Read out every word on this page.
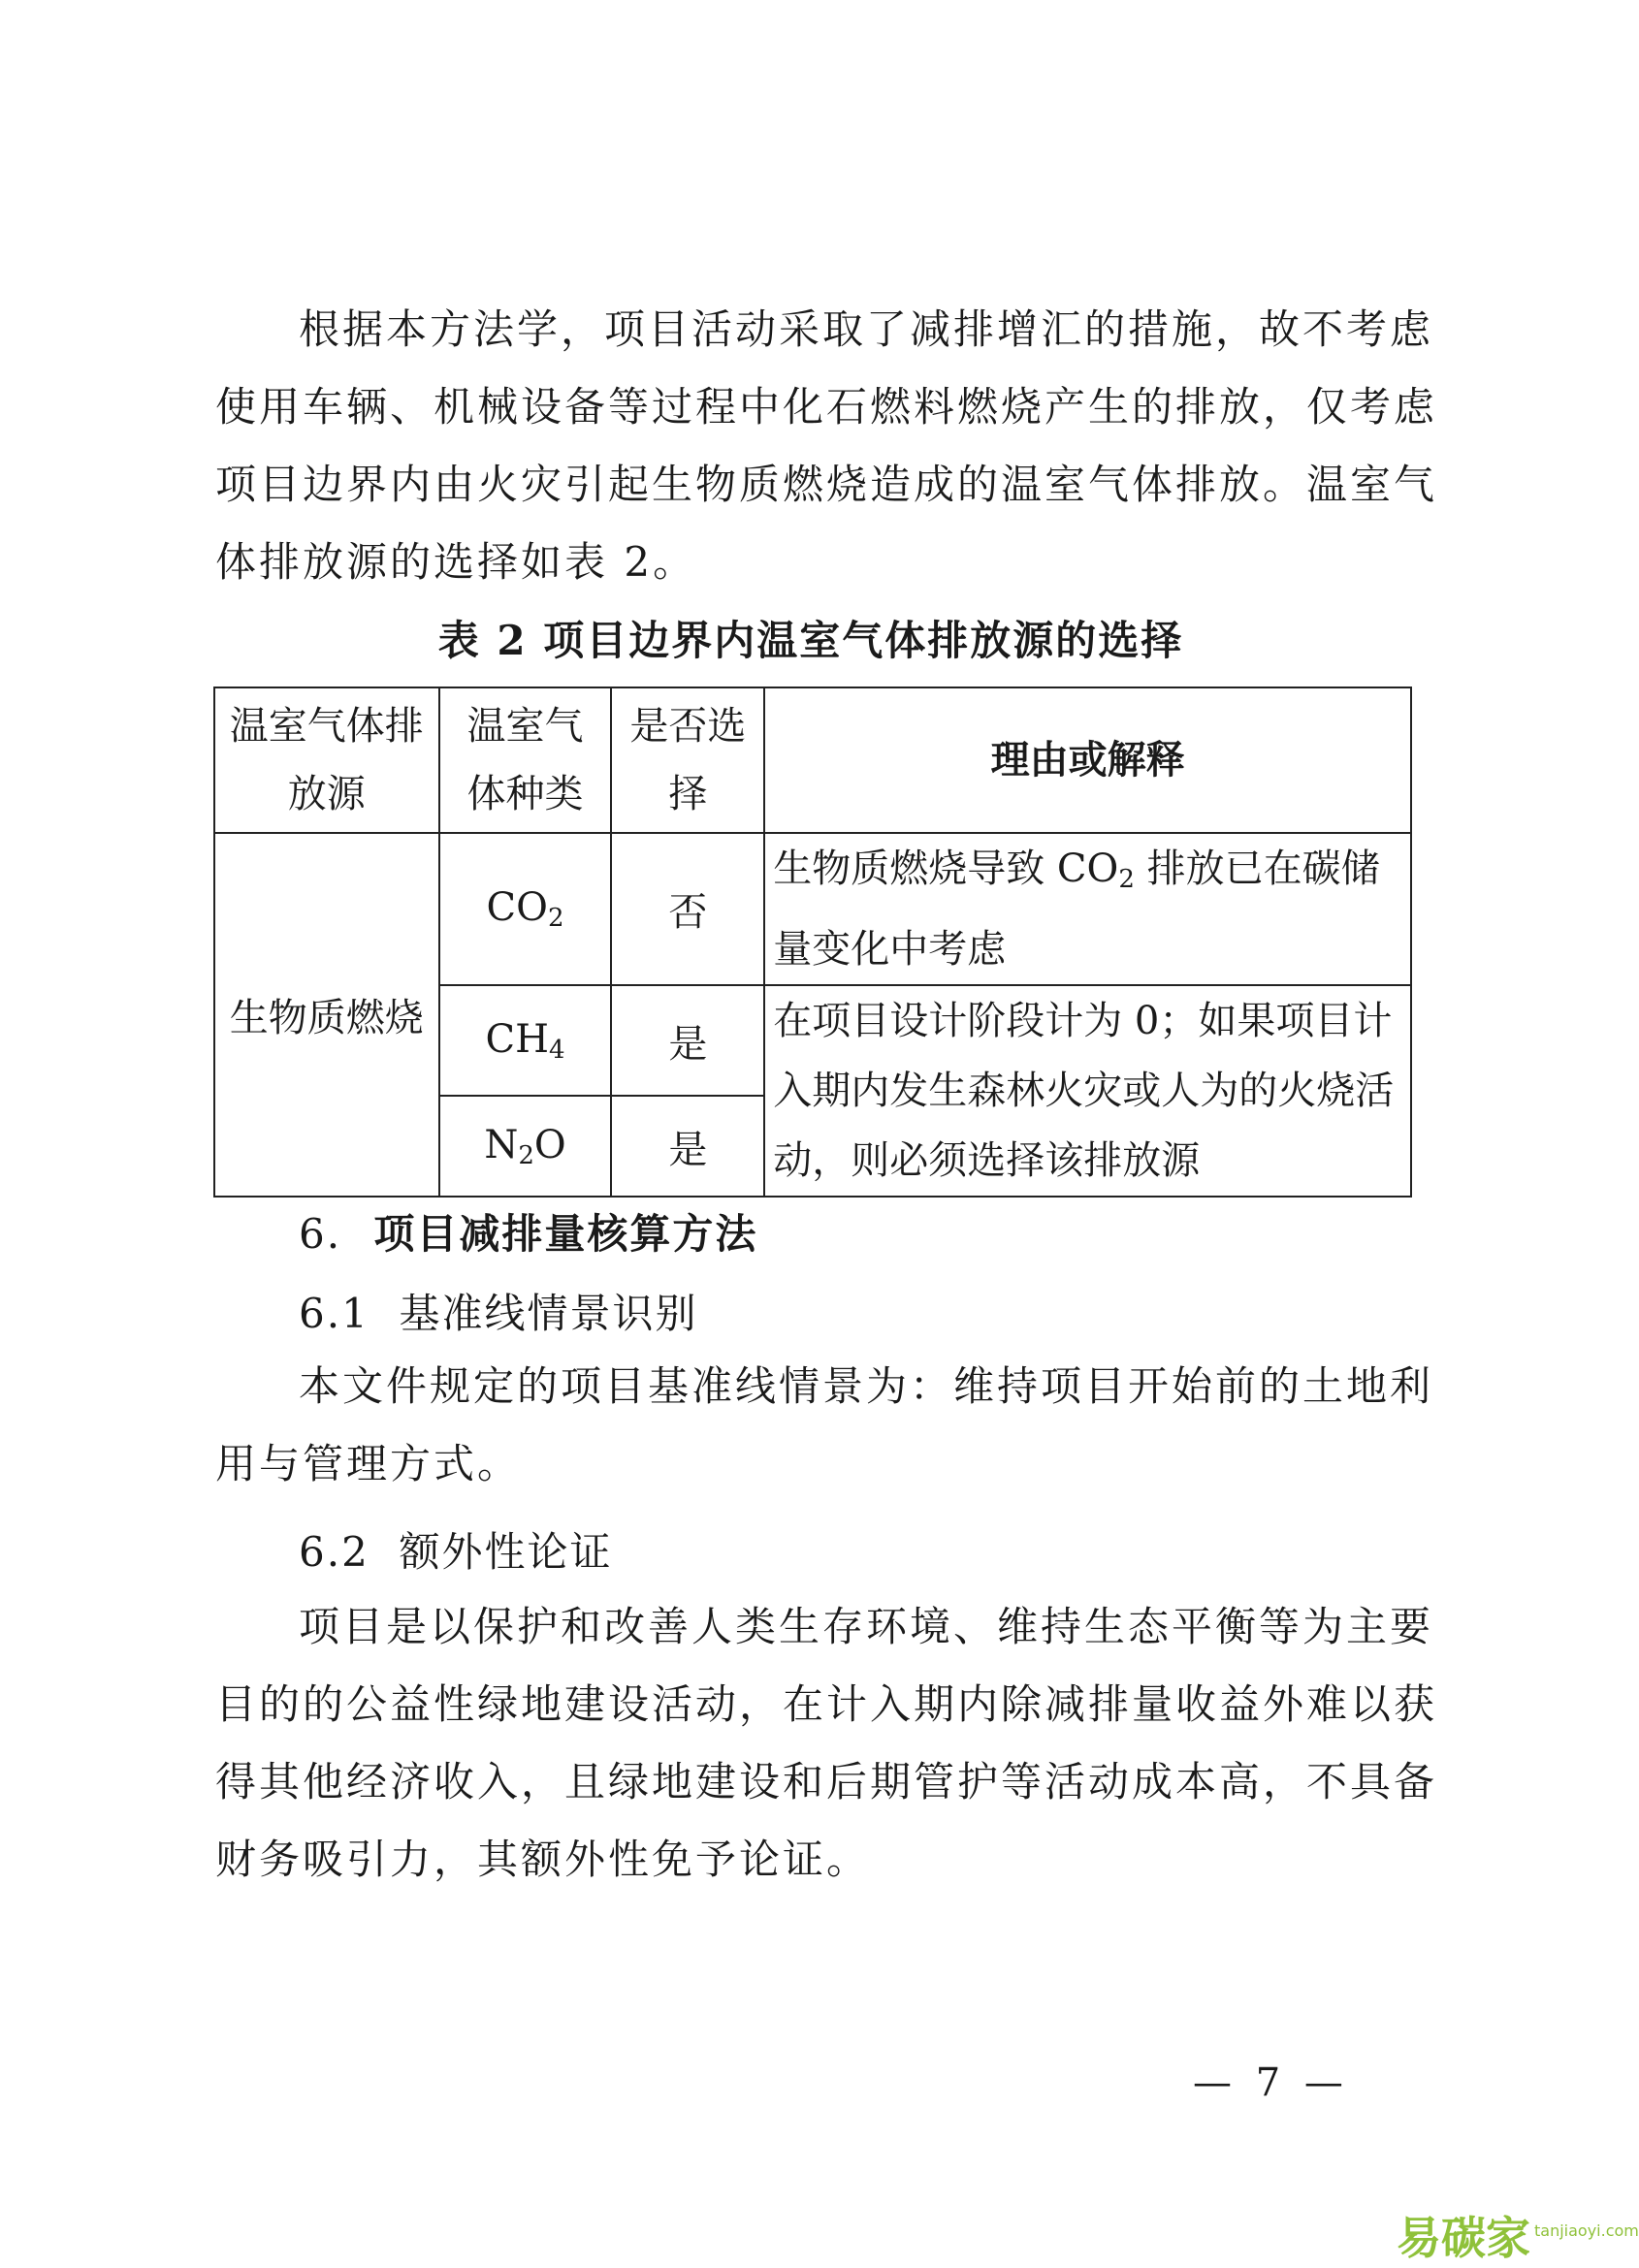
根据本方法学，项目活动采取了减排增汇的措施，故不考虑
使用车辆、机械设备等过程中化石燃料燃烧产生的排放，仅考虑
项目边界内由火灾引起生物质燃烧造成的温室气体排放。温室气
体排放源的选择如表 2。
表 2 项目边界内温室气体排放源的选择
温室气体排放源	温室气体种类	是否选择	理由或解释
生物质燃烧	$CO_2$	否	生物质燃烧导致 $CO_2$ 排放已在碳储量变化中考虑
	$CH_4$	是	在项目设计阶段计为 0；如果项目计入期内发生森林火灾或人为的火烧活动，则必须选择该排放源
	$N_2O$	是	
6. 项目减排量核算方法
6.1 基准线情景识别
本文件规定的项目基准线情景为：维持项目开始前的土地利
用与管理方式。
6.2 额外性论证
项目是以保护和改善人类生存环境、维持生态平衡等为主要
目的的公益性绿地建设活动，在计入期内除减排量收益外难以获
得其他经济收入，且绿地建设和后期管护等活动成本高，不具备
财务吸引力，其额外性免予论证。
— 7 —
易碳家 $^{tanjiaoyi.com}$
